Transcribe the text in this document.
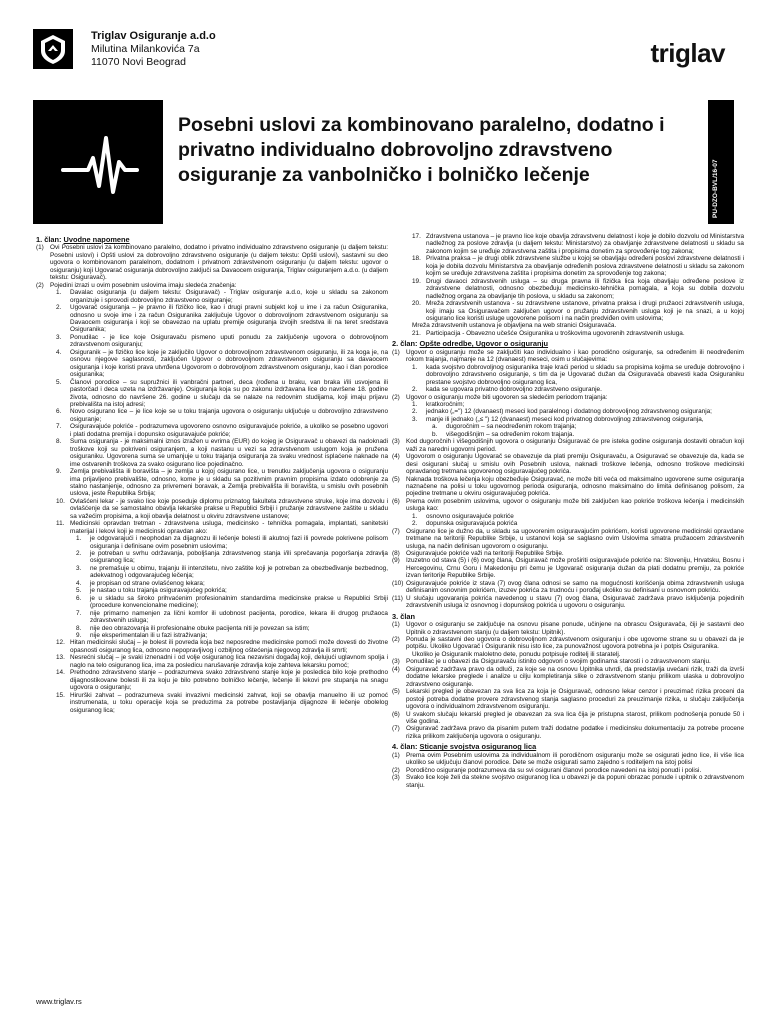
Triglav Osiguranje a.d.o
Milutina Milankovića 7a
11070 Novi Beograd	triglav
Posebni uslovi za kombinovano paralelno, dodatno i privatno individualno dobrovoljno zdravstveno osiguranje za vanbolničko i bolničko lečenje	PU-DZO-BVL/16-07
1. član: Uvodne napomene
(1) Ovi Posebni uslovi za kombinovano paralelno, dodatno i privatno individualno zdravstveno osiguranje (u daljem tekstu: Posebni uslovi) i Opšti uslovi za dobrovoljno zdravstveno osiguranje (u daljem tekstu: Opšti uslovi), sastavni su deo ugovora o kombinovanom paralelnom, dodatnom i privatnom zdravstvenom osiguranju (u daljem tekstu: ugovor o osiguranju) koji Ugovarač osiguranja dobrovoljno zaključi sa Davaocem osiguranja, Triglav osiguranjem a.d.o. (u daljem tekstu: Osiguravač).
(2) Pojedini izrazi u ovim posebnim uslovima imaju sledeća značenja:
1.	Davalac osiguranja (u daljem tekstu: Osiguravač) - Triglav osiguranje a.d.o, koje u skladu sa zakonom organizuje i sprovodi dobrovoljno zdravstveno osiguranje;
2.	Ugovarač osiguranja – je pravno ili fizičko lice, kao i drugi pravni subjekt koji u ime i za račun Osiguranika, odnosno u svoje ime i za račun Osiguranika zaključuje Ugovor o dobrovoljnom zdravstvenom osiguranju sa Davaocem osiguranja i koji se obavezao na uplatu premije osiguranja izvojih sredstva ili na teret sredstava Osiguranika;
3.	Ponudilac - je lice koje Osiguravaču pismeno uputi ponudu za zaključenje ugovora o dobrovoljnom zdravstvenom osiguranju;
4.	Osiguranik – je fizičko lice koje je zaključilo Ugovor o dobrovoljnom zdravstvenom osiguranju, ili za koga je, na osnovu njegove saglasnosti, zaključen Ugovor o dobrovoljnom zdravstvenom osiguranju sa davaocem osiguranja i koje koristi prava utvrđena Ugovorom o dobrovoljnom zdravstvenom osiguranju, kao i član porodice osiguranika;
5.	Članovi porodice – su supružnici ili vanbračni partneri, deca (rođena u braku, van braka i/ili usvojena ili pastorčad i deca uzeta na izdržavanje). Osiguranja koja su po zakonu izdržavana lice do navršene 18. godine života, odnosno do navršene 26. godine u slučaju da se nalaze na redovnim studijama, koji imaju prijavu prebivališta na istoj adresi;
6.	Novo osigurano lice – je lice koje se u toku trajanja ugovora o osiguranju uključuje u dobrovoljno zdravstveno osiguranje;
7.	Osiguravajuće pokriće - podrazumeva ugovoreno osnovno osiguravajuće pokriće, a ukoliko se posebno ugovori i plati dodatna premija i dopunsko osiguravajuće pokriće;
8.	Suma osiguranja - je maksimalni iznos izražen u evrima (EUR) do kojeg je Osiguravač u obavezi da nadoknadi troškove koji su pokriveni osiguranjem, a koji nastanu u vezi sa zdravstvenom uslugom koja je pružena osiguraniku. Ugovorena suma se umanjuje u toku trajanja osiguranja za svaku vrednost isplaćene naknade na ime ostvarenih troškova za svako osigurano lice pojedinačno.
9.	Zemlja prebivališta ili boravišta – je zemlja u kojoj osigurano lice, u trenutku zaključenja ugovora o osiguranju ima prijavljeno prebivalište, odnosno, kome je u skladu sa pozitivnim pravnim propisima izdato odobrenje za stalno nastanjenje, odnosno za privremeni boravak, a Zemlja prebivališta ili boravišta, u smislu ovih posebnih uslova, jeste Republika Srbija;
10. Ovlašćeni lekar - je svako lice koje poseduje diplomu priznatog fakulteta zdravstvene struke, koje ima dozvolu i ovlašćenje da se samostalno obavlja lekarske prakse u Republici Srbiji i pružanje zdravstvene zaštite u skladu sa važećim propisima, a koji obavlja delatnost u okviru zdravstvene ustanove;
11. Medicinski opravdan tretman - zdravstvena usluga, medicinsko - tehnička pomagala, implantati, sanitetski materijal i lekovi koji je medicinski opravdan ako:
1.	je odgovarajući i neophodan za dijagnozu ili lečenje bolesti ili akutnoj fazi ili povrede pokrivene polisom osiguranja i definisane ovim posebnim uslovima;
2.	je potreban u svrhu održavanja, poboljšanja zdravstvenog stanja i/ili sprečavanja pogoršanja zdravlja osiguranog lica;
3.	ne premašuje u obimu, trajanju ili intenzitetu, nivo zaštite koji je potreban za obezbeđivanje bezbednog, adekvatnog i odgovarajućeg lečenja;
4.	je propisan od strane ovlašćenog lekara;
5.	je nastao u toku trajanja osiguravajućeg pokrića;
6.	je u skladu sa široko prihvaćenim profesionalnim standardima medicinske prakse u Republici Srbiji (procedure konvencionalne medicine);
7.	nije primarno namenjen za lični komfor ili udobnost pacijenta, porodice, lekara ili drugog pružaoca zdravstvenih usluga;
8.	nije deo obrazovanja ili profesionalne obuke pacijenta niti je povezan sa istim;
9.	nije eksperimentalan ili u fazi istraživanja;
12. Hitan medicinski slučaj – je bolest ili povreda koja bez neposredne medicinske pomoći može dovesti do životne opasnosti osiguranog lica, odnosno nepopravljivog i ozbiljnog oštećenja njegovog zdravlja ili smrti;
13. Nesrećni slučaj – je svaki iznenadni i od volje osiguranog lica nezavisni događaj koji, delujući uglavnom spolja i naglo na telo osiguranog lica, ima za posledicu narušavanje zdravlja koje zahteva lekarsku pomoć;
14. Prethodno zdravstveno stanje – podrazumeva svako zdravstveno stanje koje je posledica bilo koje prethodno dijagnostikovane bolesti ili za koju je bilo potrebno bolničko lečenje, lečenje ili lekovi pre stupanja na snagu ugovora o osiguranju;
15. Hirurški zahvat – podrazumeva svaki invazivni medicinski zahvat, koji se obavlja manuelno ili uz pomoć instrumenata, u toku operacije koja se preduzima za potrebe postavljanja dijagnoze ili lečenje obolelog osiguranog lica;
17. Zdravstvena ustanova – je pravno lice koje obavlja zdravstvenu delatnost i koje je dobilo dozvolu od Ministarstva nadležnog za poslove zdravlja (u daljem tekstu: Ministarstvo) za obavljanje zdravstvene delatnosti u skladu sa zakonom kojim se uređuje zdravstvena zaštita i propisima donetim za sprovođenje tog zakona;
18. Privatna praksa – je drugi oblik zdravstvene službe u kojoj se obavljaju određeni poslovi zdravstvene delatnosti i koja je dobila dozvolu Ministarstva za obavljanje određenih poslova zdravstvene delatnosti u skladu sa zakonom kojim se uređuje zdravstvena zaštita i propisima donetim za sprovođenje tog zakona;
19. Drugi davaoci zdravstvenih usluga – su druga pravna ili fizička lica koja obavljaju određene poslove iz zdravstvene delatnosti, odnosno obezbeđuju medicinsko-tehnička pomagala, a koja su dobila dozvolu nadležnog organa za obavljanje tih poslova, u skladu sa zakonom;
20. Mreža zdravstvenih ustanova - su zdravstvene ustanove, privatna praksa i drugi pružaoci zdravstvenih usluga, koji imaju sa Osiguravačem zaključen ugovor o pružanju zdravstvenih usluga koji je na snazi, a u kojoj osigurano lice koristi usluge ugovorene polisom i na način predviđen ovim uslovima;
Mreža zdravstvenih ustanova je objavljena na web stranici Osiguravača.
21. Participacija - Obavezno učešće Osiguranika u troškovima ugovorenih zdravstvenih usluga.
2. član: Opšte odredbe, Ugovor o osiguranju
(1) Ugovor o osiguranju može se zaključiti kao individualno i kao porodično osiguranje, sa određenim ili neodređenim rokom trajanja, najmanje na 12 (dvanaest) meseci, osim u slučajevima:
1.	kada svojstvo dobrovoljnog osiguranika traje kraći period u skladu sa propisima kojima se uređuje dobrovoljno i dobrovoljno zdravstveno osiguranje, s tim da je Ugovarač dužan da Osiguravača obavesti kada Osiguraniku prestane svojstvo dobrovoljno osiguranog lica,
2.	kada se ugovara privatno dobrovoljno zdravstveno osiguranje.
(2) Ugovor o osiguranju može biti ugovoren sa sledećim periodom trajanja:
1.	kratkoročnim;
2.	jednako („=") 12 (dvanaest) meseci kod paralelnog i dodatnog dobrovoljnog zdravstvenog osiguranja;
3.	manje ili jednako („≤ ") 12 (dvanaest) meseci kod privatnog dobrovoljnog zdravstvenog osiguranja,
a.	dugoročnim – sa neodređenim rokom trajanja;
b.	višegodišnjim – sa određenim rokom trajanja.
(3) Kod dugoročnih i višegodišnjih ugovora o osiguranju Osiguravač će pre isteka godine osiguranja dostaviti obračun koji važi za naredni ugovorni period.
(4) Ugovorom o osiguranju Ugovarač se obavezuje da plati premiju Osiguravaču, a Osiguravač se obavezuje da, kada se desi osigurani slučaj u smislu ovih Posebnih uslova, naknadi troškove lečenja, odnosno troškove medicinski opravdanog tretmana ugovorenog osiguravajućeg pokrića.
(5) Naknada troškova lečenja koju obezbeđuje Osiguravač, ne može biti veća od maksimalno ugovorene sume osiguranja naznačene na polisi u toku ugovornog perioda osiguranja, odnosno maksimalno do limita definisanog polisom, za pojedine tretmane u okviru osiguravajućeg pokrića.
(6) Prema ovim posebnim uslovima, ugovor o osiguranju može biti zaključen kao pokriće troškova lečenja i medicinskih usluga kao:
1.	osnovno osiguravajuće pokriće
2.	dopunska osiguravajuća pokrića
(7) Osigurano lice je dužno da, u skladu sa ugovorenim osiguravajućim pokrićem, koristi ugovorene medicinski opravdane tretmane na teritoriji Republike Srbije, u ustanovi koja se saglasno ovim Uslovima smatra pružaocem zdravstvenih usluga, na način definisan ugovorom o osiguranju.
(8) Osiguravajuće pokriće važi na teritoriji Republike Srbije.
(9) Izuzetno od stava (5) i (6) ovog člana, Osiguravač može proširiti osiguravajuće pokriće na: Sloveniju, Hrvatsku, Bosnu i Hercegovinu, Crnu Goru i Makedoniju pri čemu je Ugovarač osiguranja dužan da plati dodatnu premiju, za pokriće izvan teritorije Republike Srbije.
(10) Osiguravajuće pokriće iz stava (7) ovog člana odnosi se samo na mogućnosti korišćenja obima zdravstvenih usluga definisanim osnovnim pokrićem, izuzev pokrića za trudnoću i porođaj ukoliko su definisani u osnovnom pokriću.
(11) U slučaju ugovaranja pokrića navedenog u stavu (7) ovog člana, Osiguravač zadržava pravo isključenja pojedinih zdravstvenih usluga iz osnovnog i dopunskog pokrića u ugovoru o osiguranju.
3. član
(1) Ugovor o osiguranju se zaključuje na osnovu pisane ponude, učinjene na obrascu Osiguravača, čiji je sastavni deo Upitnik o zdravstvenom stanju (u daljem tekstu: Upitnik).
(2) Ponuda je sastavni deo ugovora o dobrovoljnom zdravstvenom osiguranju i obe ugovorne strane su u obavezi da je potpišu. Ukoliko Ugovarač i Osiguranik nisu isto lice, za punovažnost ugovora potrebna je i potpis Osiguranika.
Ukoliko je Osiguranik maloletno dete, ponudu potpisuje roditelj ili staratelj.
(3) Ponudilac je u obavezi da Osiguravaču istinito odgovori o svojim godinama starosti i o zdravstvenom stanju.
(4) Osiguravač zadržava pravo da odluči, za koje se na osnovu Upitnika utvrdi, da predstavlja uvećani rizik, traži da izvrši dodatne lekarske preglede i analize u cilju kompletiranja slike o zdravstvenom stanju prilikom ulaska u dobrovoljno zdravstveno osiguranje.
(5) Lekarski pregled je obavezan za sva lica za koja je Osiguravač, odnosno lekar cenzor i preuzimač rizika proceni da postoji potreba dodatne provere zdravstvenog stanja saglasno proceduri za preuzimanje rizika, u slučaju zaključenja ugovora o individualnom zdravstvenom osiguranju.
(6) U svakom slučaju lekarski pregled je obavezan za sva lica čija je pristupna starost, prilikom podnošenja ponude 50 i više godina.
(7) Osiguravač zadržava pravo da pisanim putem traži dodatne podatke i medicinsku dokumentaciju za potrebe procene rizika prilikom zaključenja ugovora o osiguranju.
4. član: Sticanje svojstva osiguranog lica
(1) Prema ovim Posebnim uslovima za individualnom ili porodičnom osiguranju može se osigurati jedno lice, ili više lica ukoliko se uključuju članovi porodice. Dete se može osigurati samo zajedno s roditeljem na istoj polisi
(2) Porodično osiguranje podrazumeva da su svi osigurani članovi porodice navedeni na istoj ponudi i polisi.
(3) Svako lice koje želi da stekne svojstvo osiguranog lica u obavezi je da popuni obrazac ponude i upitnik o zdravstvenom stanju.
www.triglav.rs
